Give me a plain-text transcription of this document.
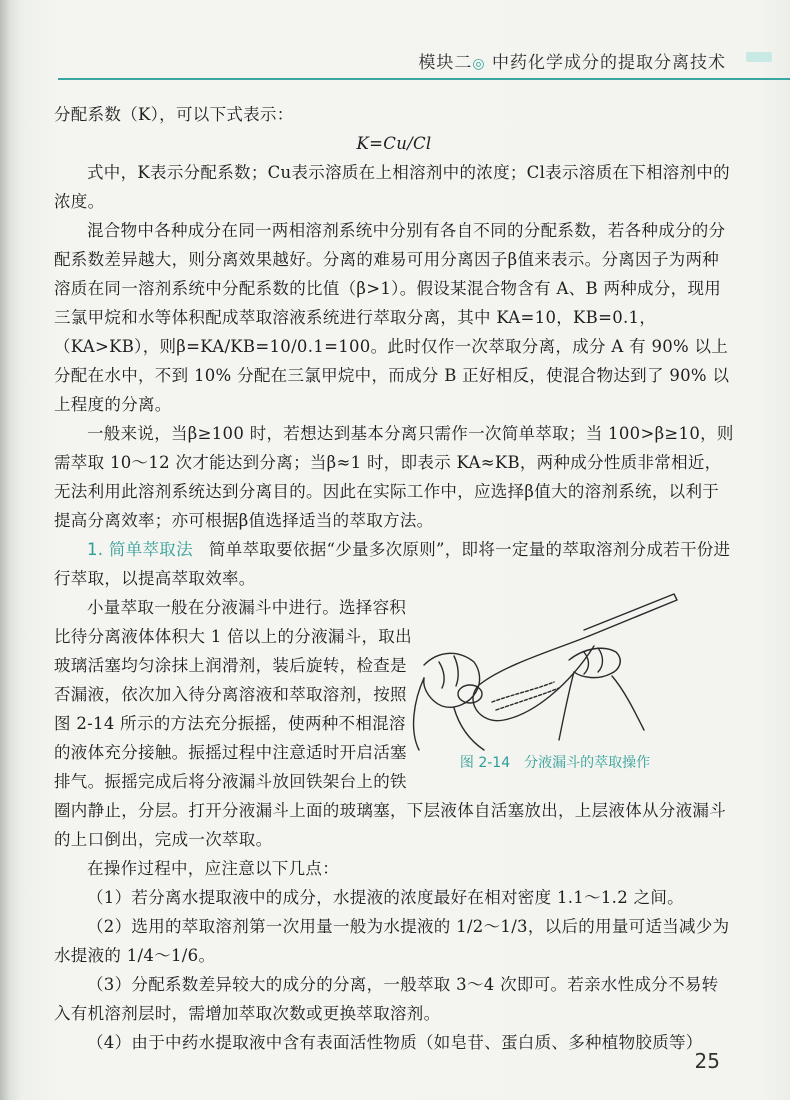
模块二◎ 中药化学成分的提取分离技术

分配系数（K），可以下式表示：

K=Cu/Cl

式中，K表示分配系数；Cu表示溶质在上相溶剂中的浓度；Cl表示溶质在下相溶剂中的浓度。

混合物中各种成分在同一两相溶剂系统中分别有各自不同的分配系数，若各种成分的分配系数差异越大，则分离效果越好。分离的难易可用分离因子β值来表示。分离因子为两种溶质在同一溶剂系统中分配系数的比值（β>1）。假设某混合物含有 A、B 两种成分，现用三氯甲烷和水等体积配成萃取溶液系统进行萃取分离，其中 KA=10，KB=0.1，（KA>KB），则β=KA/KB=10/0.1=100。此时仅作一次萃取分离，成分 A 有 90% 以上分配在水中，不到 10% 分配在三氯甲烷中，而成分 B 正好相反，使混合物达到了 90% 以上程度的分离。

一般来说，当β≥100 时，若想达到基本分离只需作一次简单萃取；当 100>β≥10，则需萃取 10～12 次才能达到分离；当β≈1 时，即表示 KA≈KB，两种成分性质非常相近，无法利用此溶剂系统达到分离目的。因此在实际工作中，应选择β值大的溶剂系统，以利于提高分离效率；亦可根据β值选择适当的萃取方法。

1. 简单萃取法 简单萃取要依据“少量多次原则”，即将一定量的萃取溶剂分成若干份进行萃取，以提高萃取效率。

小量萃取一般在分液漏斗中进行。选择容积比待分离液体体积大 1 倍以上的分液漏斗，取出玻璃活塞均匀涂抹上润滑剂，装后旋转，检查是否漏液，依次加入待分离溶液和萃取溶剂，按照图 2-14 所示的方法充分振摇，使两种不相混溶的液体充分接触。振摇过程中注意适时开启活塞排气。振摇完成后将分液漏斗放回铁架台上的铁

圈内静止，分层。打开分液漏斗上面的玻璃塞，下层液体自活塞放出，上层液体从分液漏斗的上口倒出，完成一次萃取。

在操作过程中，应注意以下几点：

（1）若分离水提取液中的成分，水提液的浓度最好在相对密度 1.1～1.2 之间。

（2）选用的萃取溶剂第一次用量一般为水提液的 1/2～1/3，以后的用量可适当减少为水提液的 1/4～1/6。

（3）分配系数差异较大的成分的分离，一般萃取 3～4 次即可。若亲水性成分不易转入有机溶剂层时，需增加萃取次数或更换萃取溶剂。

（4）由于中药水提取液中含有表面活性物质（如皂苷、蛋白质、多种植物胶质等）

图 2-14　分液漏斗的萃取操作
25
